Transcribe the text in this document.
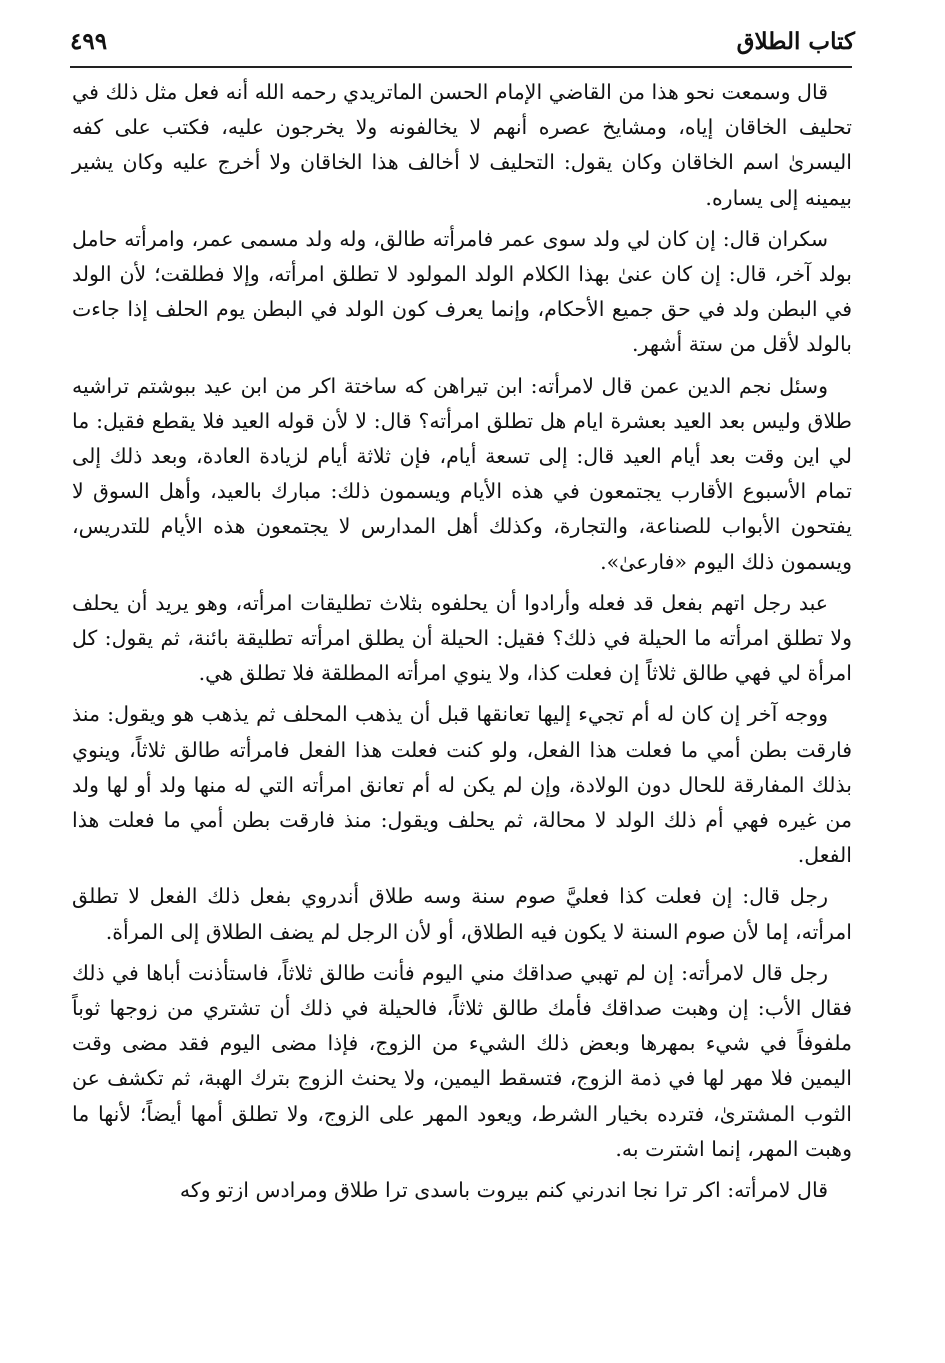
كتاب الطلاق
٤٩٩

قال وسمعت نحو هذا من القاضي الإمام الحسن الماتريدي رحمه الله أنه فعل مثل ذلك في تحليف الخاقان إياه، ومشايخ عصره أنهم لا يخالفونه ولا يخرجون عليه، فكتب على كفه اليسرىٰ اسم الخاقان وكان يقول: التحليف لا أخالف هذا الخاقان ولا أخرج عليه وكان يشير بيمينه إلى يساره.

سكران قال: إن كان لي ولد سوى عمر فامرأته طالق، وله ولد مسمى عمر، وامرأته حامل بولد آخر، قال: إن كان عنىٰ بهذا الكلام الولد المولود لا تطلق امرأته، وإلا فطلقت؛ لأن الولد في البطن ولد في حق جميع الأحكام، وإنما يعرف كون الولد في البطن يوم الحلف إذا جاءت بالولد لأقل من ستة أشهر.

وسئل نجم الدين عمن قال لامرأته: ابن تيراهن كه ساختة اكر من ابن عيد ببوشتم تراشيه طلاق وليس بعد العيد بعشرة ايام هل تطلق امرأته؟ قال: لا لأن قوله العيد فلا يقطع فقيل: ما لي اين وقت بعد أيام العيد قال: إلى تسعة أيام، فإن ثلاثة أيام لزيادة العادة، وبعد ذلك إلى تمام الأسبوع الأقارب يجتمعون في هذه الأيام ويسمون ذلك: مبارك بالعيد، وأهل السوق لا يفتحون الأبواب للصناعة، والتجارة، وكذلك أهل المدارس لا يجتمعون هذه الأيام للتدريس، ويسمون ذلك اليوم «فارعىٰ».

عبد رجل اتهم بفعل قد فعله وأرادوا أن يحلفوه بثلاث تطليقات امرأته، وهو يريد أن يحلف ولا تطلق امرأته ما الحيلة في ذلك؟ فقيل: الحيلة أن يطلق امرأته تطليقة بائنة، ثم يقول: كل امرأة لي فهي طالق ثلاثاً إن فعلت كذا، ولا ينوي امرأته المطلقة فلا تطلق هي.

ووجه آخر إن كان له أم تجيء إليها تعانقها قبل أن يذهب المحلف ثم يذهب هو ويقول: منذ فارقت بطن أمي ما فعلت هذا الفعل، ولو كنت فعلت هذا الفعل فامرأته طالق ثلاثاً، وينوي بذلك المفارقة للحال دون الولادة، وإن لم يكن له أم تعانق امرأته التي له منها ولد أو لها ولد من غيره فهي أم ذلك الولد لا محالة، ثم يحلف ويقول: منذ فارقت بطن أمي ما فعلت هذا الفعل.

رجل قال: إن فعلت كذا فعليَّ صوم سنة وسه طلاق أندروي بفعل ذلك الفعل لا تطلق امرأته، إما لأن صوم السنة لا يكون فيه الطلاق، أو لأن الرجل لم يضف الطلاق إلى المرأة.

رجل قال لامرأته: إن لم تهبي صداقك مني اليوم فأنت طالق ثلاثاً، فاستأذنت أباها في ذلك فقال الأب: إن وهبت صداقك فأمك طالق ثلاثاً، فالحيلة في ذلك أن تشتري من زوجها ثوباً ملفوفاً في شيء بمهرها وبعض ذلك الشيء من الزوج، فإذا مضى اليوم فقد مضى وقت اليمين فلا مهر لها في ذمة الزوج، فتسقط اليمين، ولا يحنث الزوج بترك الهبة، ثم تكشف عن الثوب المشترىٰ، فترده بخيار الشرط، ويعود المهر على الزوج، ولا تطلق أمها أيضاً؛ لأنها ما وهبت المهر، إنما اشترت به.

قال لامرأته: اكر ترا نجا اندرني كنم بيروت باسدى ترا طلاق ومرادس ازتو وكه
